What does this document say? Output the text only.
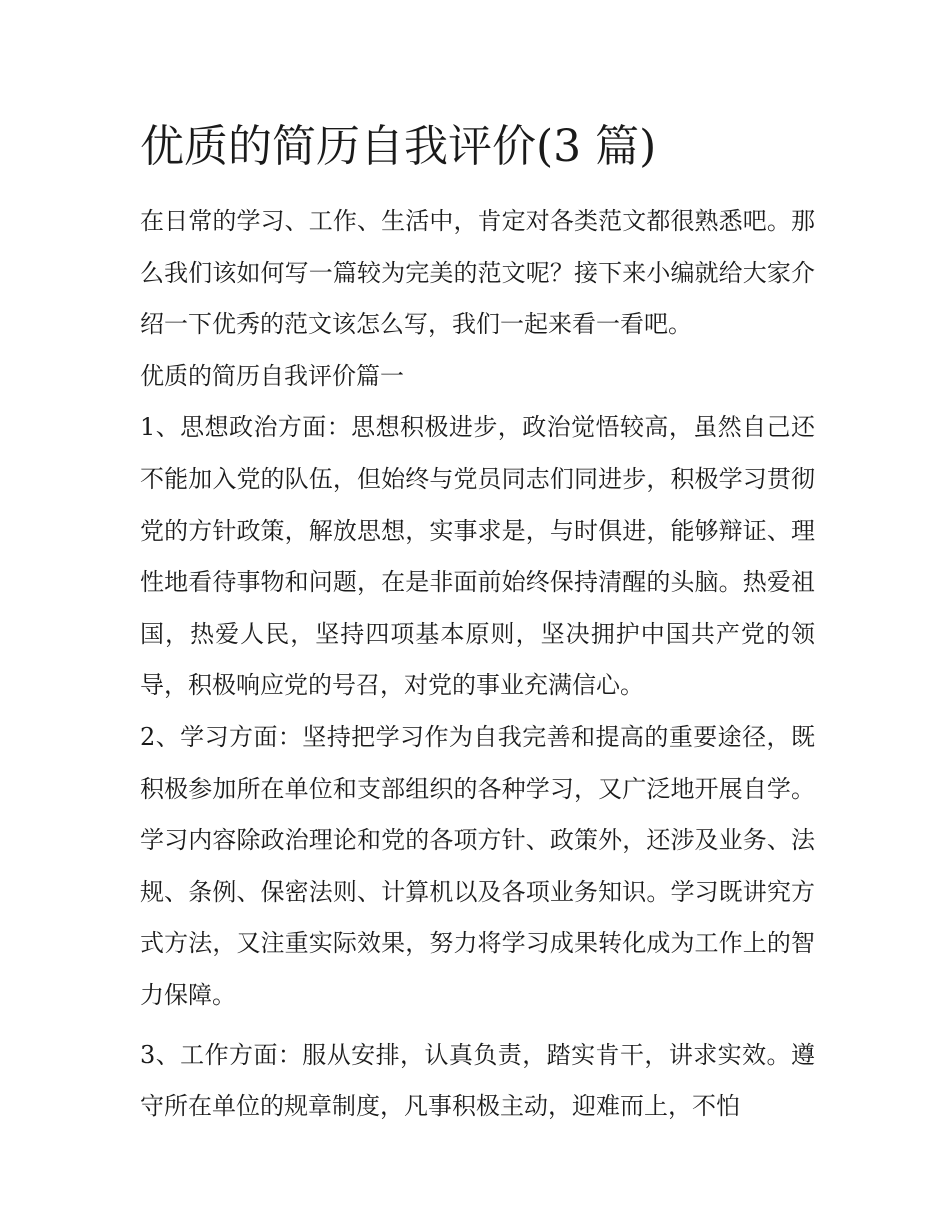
优质的简历自我评价(3 篇)

在日常的学习、工作、生活中，肯定对各类范文都很熟悉吧。那么我们该如何写一篇较为完美的范文呢？接下来小编就给大家介绍一下优秀的范文该怎么写，我们一起来看一看吧。

优质的简历自我评价篇一

1、思想政治方面：思想积极进步，政治觉悟较高，虽然自己还不能加入党的队伍，但始终与党员同志们同进步，积极学习贯彻党的方针政策，解放思想，实事求是，与时俱进，能够辩证、理性地看待事物和问题，在是非面前始终保持清醒的头脑。热爱祖国，热爱人民，坚持四项基本原则，坚决拥护中国共产党的领导，积极响应党的号召，对党的事业充满信心。

2、学习方面：坚持把学习作为自我完善和提高的重要途径，既积极参加所在单位和支部组织的各种学习，又广泛地开展自学。学习内容除政治理论和党的各项方针、政策外，还涉及业务、法规、条例、保密法则、计算机以及各项业务知识。学习既讲究方式方法，又注重实际效果，努力将学习成果转化成为工作上的智力保障。

3、工作方面：服从安排，认真负责，踏实肯干，讲求实效。遵守所在单位的规章制度，凡事积极主动，迎难而上，不怕
